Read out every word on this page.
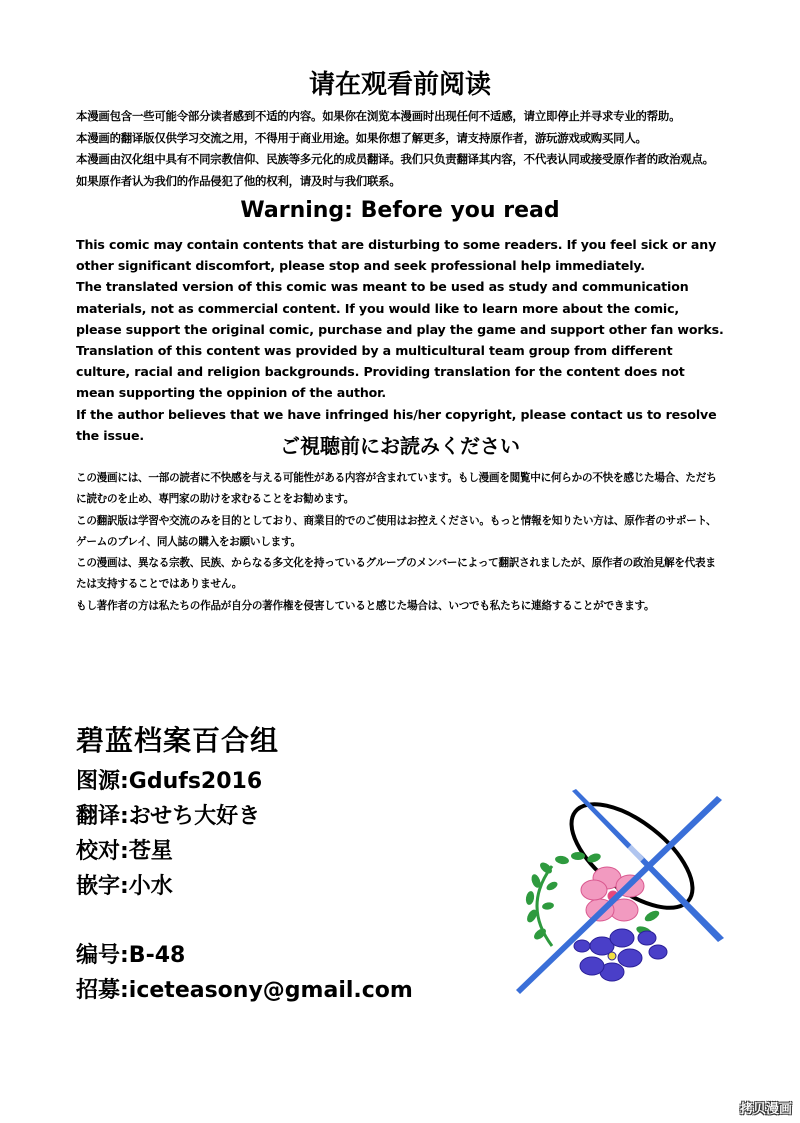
请在观看前阅读

本漫画包含一些可能令部分读者感到不适的内容。如果你在浏览本漫画时出现任何不适感，请立即停止并寻求专业的帮助。

本漫画的翻译版仅供学习交流之用，不得用于商业用途。如果你想了解更多，请支持原作者，游玩游戏或购买同人。

本漫画由汉化组中具有不同宗教信仰、民族等多元化的成员翻译。我们只负责翻译其内容，不代表认同或接受原作者的政治观点。

如果原作者认为我们的作品侵犯了他的权利，请及时与我们联系。

Warning: Before you read

This comic may contain contents that are disturbing to some readers. If you feel sick or any other significant discomfort, please stop and seek professional help immediately.

The translated version of this comic was meant to be used as study and communication materials, not as commercial content. If you would like to learn more about the comic, please support the original comic, purchase and play the game and support other fan works.

Translation of this content was provided by a multicultural team group from different culture, racial and religion backgrounds. Providing translation for the content does not mean supporting the oppinion of the author.

If the author believes that we have infringed his/her copyright, please contact us to resolve the issue.	ご視聴前にお読みください

この漫画には、一部の読者に不快感を与える可能性がある内容が含まれています。もし漫画を閲覧中に何らかの不快を感じた場合、ただちに読むのを止め、専門家の助けを求むることをお勧めます。

この翻訳版は学習や交流のみを目的としており、商業目的でのご使用はお控えください。もっと情報を知りたい方は、原作者のサポート、ゲームのプレイ、同人誌の購入をお願いします。

この漫画は、異なる宗教、民族、からなる多文化を持っているグループのメンバーによって翻訳されましたが、原作者の政治見解を代表または支持することではありません。

もし著作者の方は私たちの作品が自分の著作権を侵害していると感じた場合は、いつでも私たちに連絡することができます。

碧蓝档案百合组
图源:Gdufs2016
翻译:おせち大好き
校对:苍星
嵌字:小水
编号:B-48
招募:iceteasony@gmail.com
拷贝漫画
